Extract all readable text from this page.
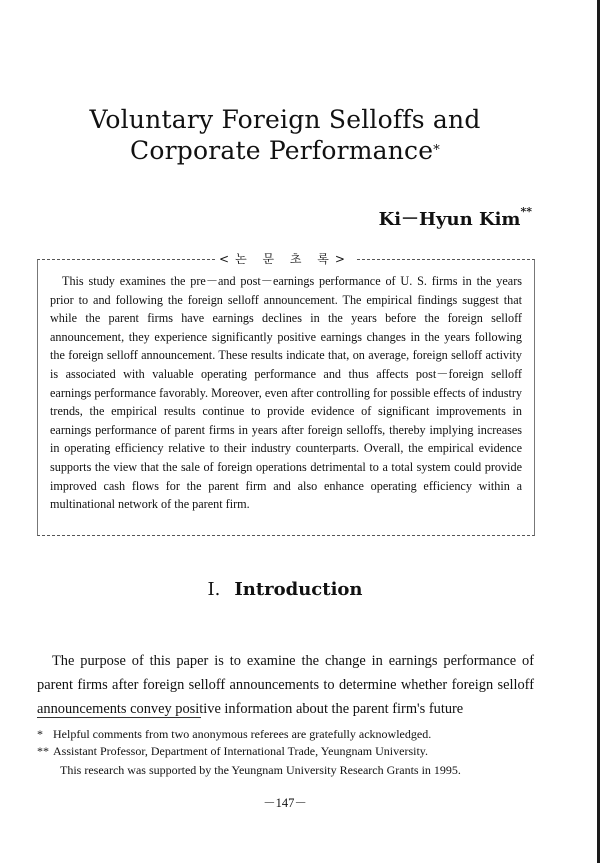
Voluntary Foreign Selloffs and
Corporate Performance*
Ki－Hyun Kim**
<논 문 초 록>
This study examines the pre－and post－earnings performance of U. S. firms in the years prior to and following the foreign selloff announcement. The empirical findings suggest that while the parent firms have earnings declines in the years before the foreign selloff announcement, they experience significantly positive earnings changes in the years following the foreign selloff announcement. These results indicate that, on average, foreign selloff activity is associated with valuable operating performance and thus affects post－foreign selloff earnings performance favorably. Moreover, even after controlling for possible effects of industry trends, the empirical results continue to provide evidence of significant improvements in earnings performance of parent firms in years after foreign selloffs, thereby implying increases in operating efficiency relative to their industry counterparts. Overall, the empirical evidence supports the view that the sale of foreign operations detrimental to a total system could provide improved cash flows for the parent firm and also enhance operating efficiency within a multinational network of the parent firm.
I. Introduction
The purpose of this paper is to examine the change in earnings performance of parent firms after foreign selloff announcements to determine whether foreign selloff announcements convey positive information about the parent firm's future
* Helpful comments from two anonymous referees are gratefully acknowledged.
** Assistant Professor, Department of International Trade, Yeungnam University.
This research was supported by the Yeungnam University Research Grants in 1995.
－147－
